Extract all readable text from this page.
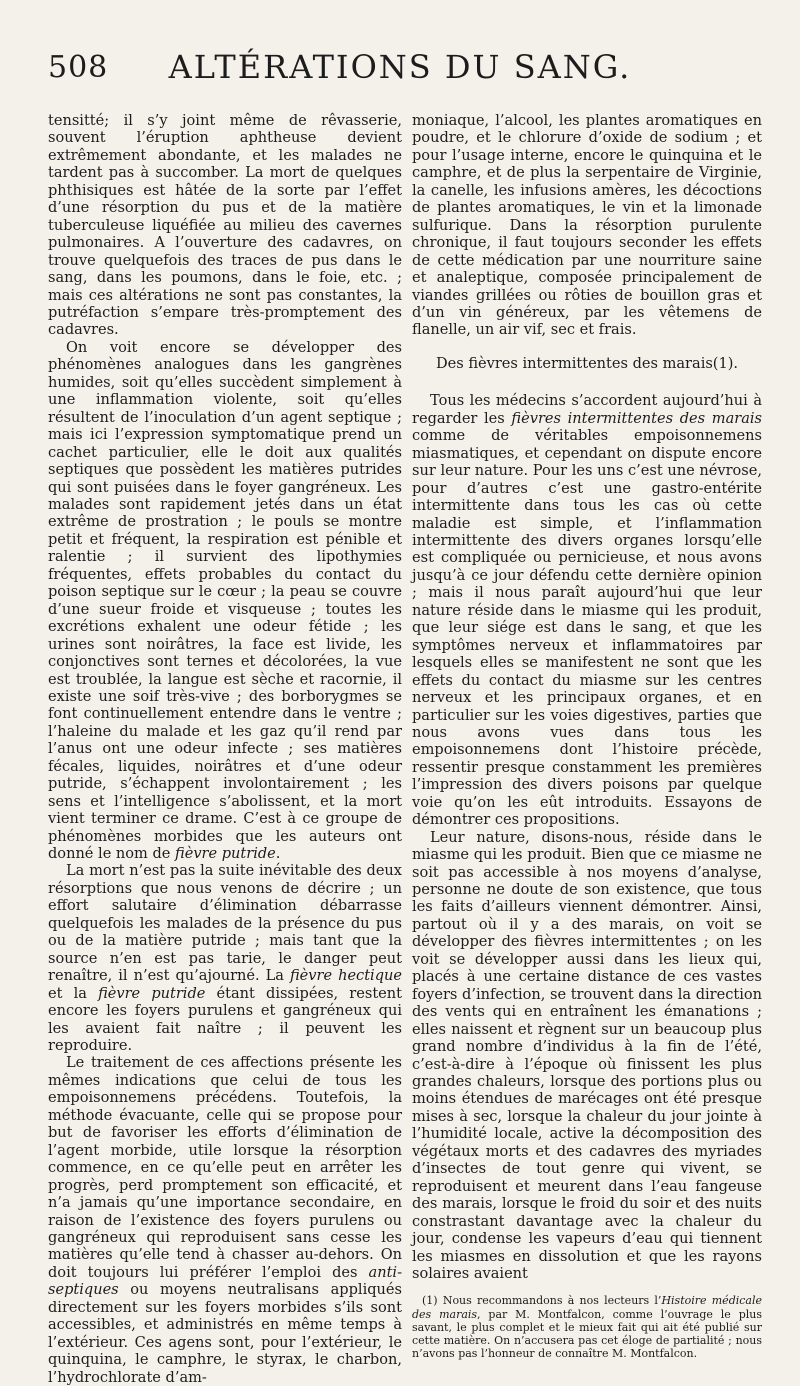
508	ALTÉRATIONS DU SANG.

tensitté; il s’y joint même de rêvasserie, souvent l’éruption aphtheuse devient extrêmement abondante, et les malades ne tardent pas à succomber. La mort de quelques phthisiques est hâtée de la sorte par l’effet d’une résorption du pus et de la matière tuberculeuse liquéfiée au milieu des cavernes pulmonaires. A l’ouverture des cadavres, on trouve quelquefois des traces de pus dans le sang, dans les poumons, dans le foie, etc. ; mais ces altérations ne sont pas constantes, la putréfaction s’empare très-promptement des cadavres.

On voit encore se développer des phénomènes analogues dans les gangrènes humides, soit qu’elles succèdent simplement à une inflammation violente, soit qu’elles résultent de l’inoculation d’un agent septique ; mais ici l’expression symptomatique prend un cachet particulier, elle le doit aux qualités septiques que possèdent les matières putrides qui sont puisées dans le foyer gangréneux. Les malades sont rapidement jetés dans un état extrême de prostration ; le pouls se montre petit et fréquent, la respiration est pénible et ralentie ; il survient des lipothymies fréquentes, effets probables du contact du poison septique sur le cœur ; la peau se couvre d’une sueur froide et visqueuse ; toutes les excrétions exhalent une odeur fétide ; les urines sont noirâtres, la face est livide, les conjonctives sont ternes et décolorées, la vue est troublée, la langue est sèche et racornie, il existe une soif très-vive ; des borborygmes se font continuellement entendre dans le ventre ; l’haleine du malade et les gaz qu’il rend par l’anus ont une odeur infecte ; ses matières fécales, liquides, noirâtres et d’une odeur putride, s’échappent involontairement ; les sens et l’intelligence s’abolissent, et la mort vient terminer ce drame. C’est à ce groupe de phénomènes morbides que les auteurs ont donné le nom de fièvre putride.

La mort n’est pas la suite inévitable des deux résorptions que nous venons de décrire ; un effort salutaire d’élimination débarrasse quelquefois les malades de la présence du pus ou de la matière putride ; mais tant que la source n’en est pas tarie, le danger peut renaître, il n’est qu’ajourné. La fièvre hectique et la fièvre putride étant dissipées, restent encore les foyers purulens et gangréneux qui les avaient fait naître ; il peuvent les reproduire.

Le traitement de ces affections présente les mêmes indications que celui de tous les empoisonnemens précédens. Toutefois, la méthode évacuante, celle qui se propose pour but de favoriser les efforts d’élimination de l’agent morbide, utile lorsque la résorption commence, en ce qu’elle peut en arrêter les progrès, perd promptement son efficacité, et n’a jamais qu’une importance secondaire, en raison de l’existence des foyers purulens ou gangréneux qui reproduisent sans cesse les matières qu’elle tend à chasser au-dehors. On doit toujours lui préférer l’emploi des anti-septiques ou moyens neutralisans appliqués directement sur les foyers morbides s’ils sont accessibles, et administrés en même temps à l’extérieur. Ces agens sont, pour l’extérieur, le quinquina, le camphre, le styrax, le charbon, l’hydrochlorate d’am-

moniaque, l’alcool, les plantes aromatiques en poudre, et le chlorure d’oxide de sodium ; et pour l’usage interne, encore le quinquina et le camphre, et de plus la serpentaire de Virginie, la canelle, les infusions amères, les décoctions de plantes aromatiques, le vin et la limonade sulfurique. Dans la résorption purulente chronique, il faut toujours seconder les effets de cette médication par une nourriture saine et analeptique, composée principalement de viandes grillées ou rôties de bouillon gras et d’un vin généreux, par les vêtemens de flanelle, un air vif, sec et frais.

Des fièvres intermittentes des marais(1).

Tous les médecins s’accordent aujourd’hui à regarder les fièvres intermittentes des marais comme de véritables empoisonnemens miasmatiques, et cependant on dispute encore sur leur nature. Pour les uns c’est une névrose, pour d’autres c’est une gastro-entérite intermittente dans tous les cas où cette maladie est simple, et l’inflammation intermittente des divers organes lorsqu’elle est compliquée ou pernicieuse, et nous avons jusqu’à ce jour défendu cette dernière opinion ; mais il nous paraît aujourd’hui que leur nature réside dans le miasme qui les produit, que leur siége est dans le sang, et que les symptômes nerveux et inflammatoires par lesquels elles se manifestent ne sont que les effets du contact du miasme sur les centres nerveux et les principaux organes, et en particulier sur les voies digestives, parties que nous avons vues dans tous les empoisonnemens dont l’histoire précède, ressentir presque constamment les premières l’impression des divers poisons par quelque voie qu’on les eût introduits. Essayons de démontrer ces propositions.

Leur nature, disons-nous, réside dans le miasme qui les produit. Bien que ce miasme ne soit pas accessible à nos moyens d’analyse, personne ne doute de son existence, que tous les faits d’ailleurs viennent démontrer. Ainsi, partout où il y a des marais, on voit se développer des fièvres intermittentes ; on les voit se développer aussi dans les lieux qui, placés à une certaine distance de ces vastes foyers d’infection, se trouvent dans la direction des vents qui en entraînent les émanations ; elles naissent et règnent sur un beaucoup plus grand nombre d’individus à la fin de l’été, c’est-à-dire à l’époque où finissent les plus grandes chaleurs, lorsque des portions plus ou moins étendues de marécages ont été presque mises à sec, lorsque la chaleur du jour jointe à l’humidité locale, active la décomposition des végétaux morts et des cadavres des myriades d’insectes de tout genre qui vivent, se reproduisent et meurent dans l’eau fangeuse des marais, lorsque le froid du soir et des nuits constrastant davantage avec la chaleur du jour, condense les vapeurs d’eau qui tiennent les miasmes en dissolution et que les rayons solaires avaient

(1) Nous recommandons à nos lecteurs l’Histoire médicale des marais, par M. Montfalcon, comme l’ouvrage le plus savant, le plus complet et le mieux fait qui ait été publié sur cette matière. On n’accusera pas cet éloge de partialité ; nous n’avons pas l’honneur de connaître M. Montfalcon.
